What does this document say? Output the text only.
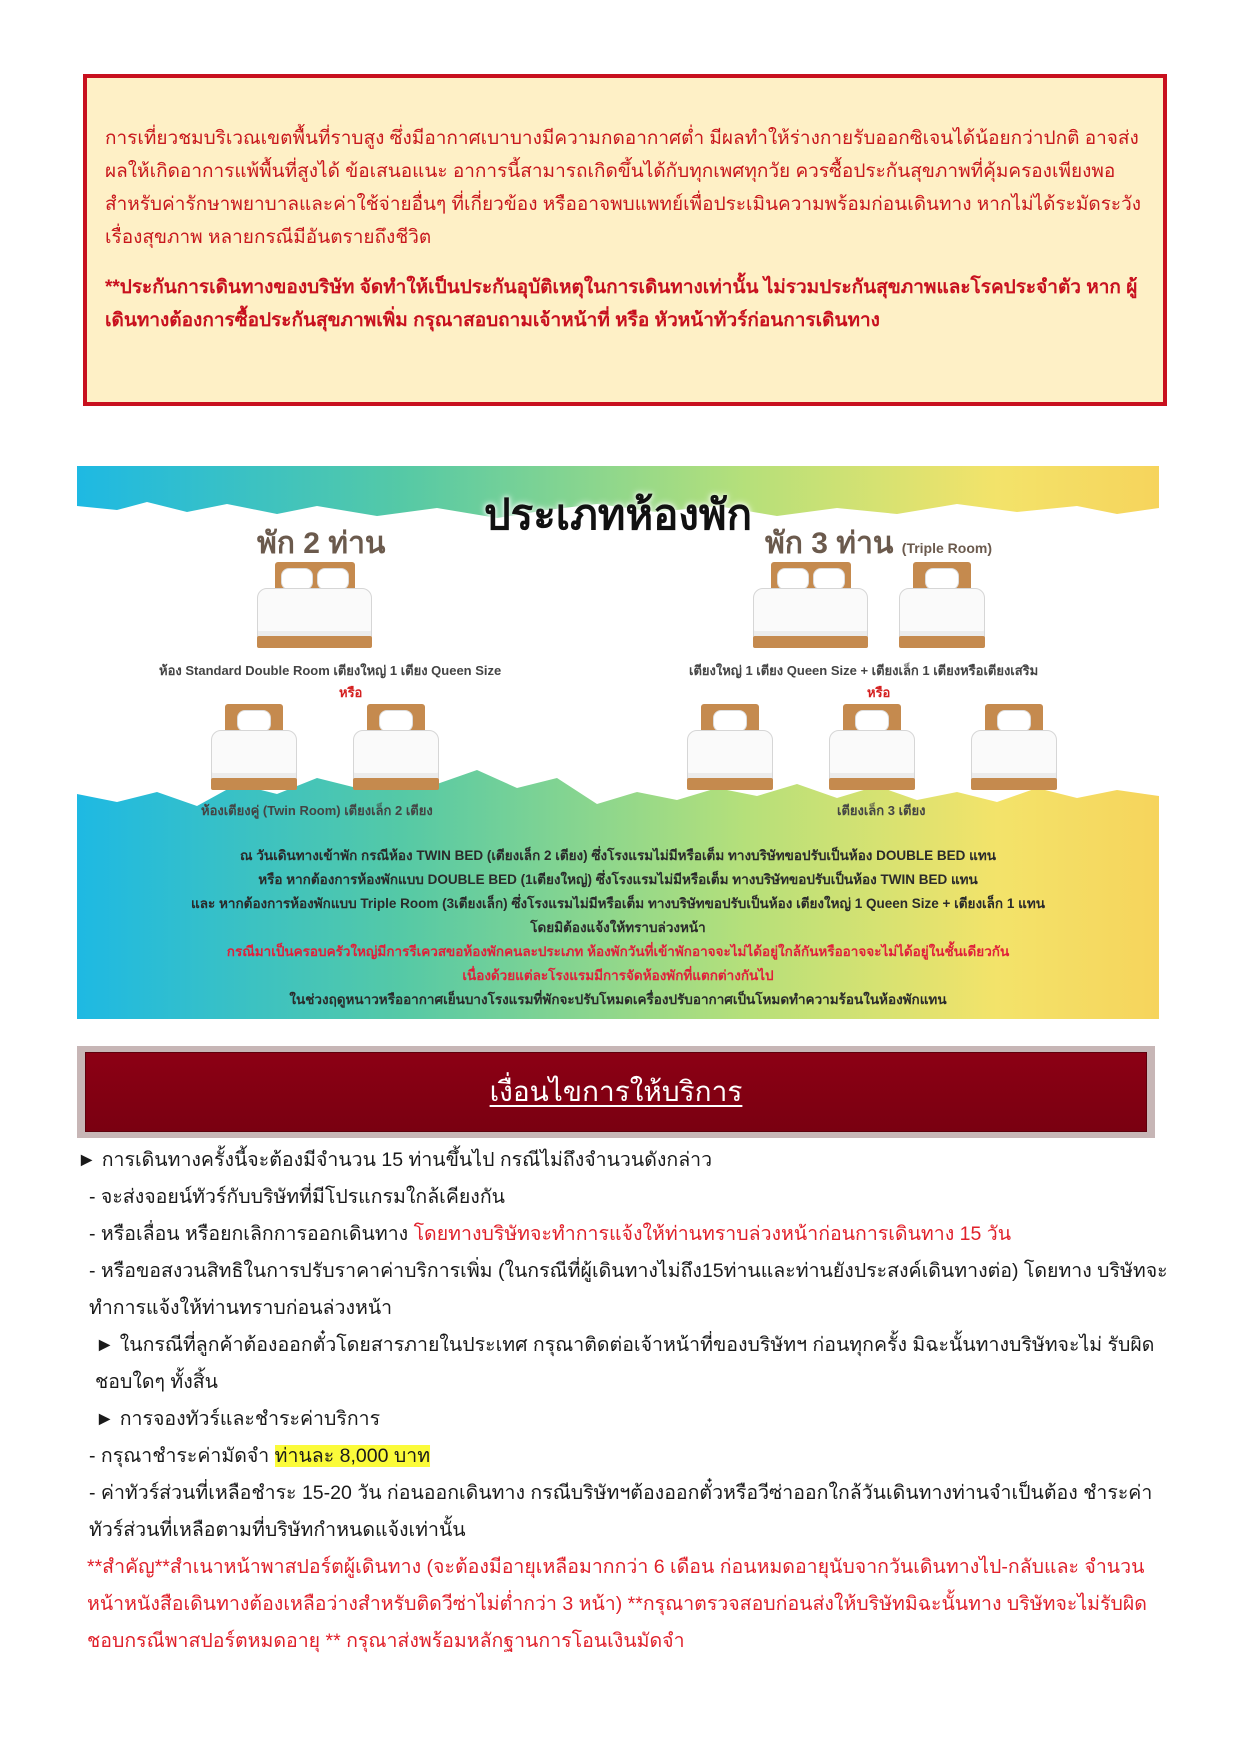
การเที่ยวชมบริเวณเขตพื้นที่ราบสูง ซึ่งมีอากาศเบาบางมีความกดอากาศต่ำ มีผลทำให้ร่างกายรับออกซิเจนได้น้อยกว่าปกติ อาจส่งผลให้เกิดอาการแพ้พื้นที่สูงได้ ข้อเสนอแนะ อาการนี้สามารถเกิดขึ้นได้กับทุกเพศทุกวัย ควรซื้อประกันสุขภาพที่คุ้มครองเพียงพอสำหรับค่ารักษาพยาบาลและค่าใช้จ่ายอื่นๆ ที่เกี่ยวข้อง หรืออาจพบแพทย์เพื่อประเมินความพร้อมก่อนเดินทาง หากไม่ได้ระมัดระวังเรื่องสุขภาพ หลายกรณีมีอันตรายถึงชีวิต

**ประกันการเดินทางของบริษัท จัดทำให้เป็นประกันอุบัติเหตุในการเดินทางเท่านั้น ไม่รวมประกันสุขภาพและโรคประจำตัว หาก ผู้เดินทางต้องการซื้อประกันสุขภาพเพิ่ม กรุณาสอบถามเจ้าหน้าที่ หรือ หัวหน้าทัวร์ก่อนการเดินทาง

ประเภทห้องพัก
พัก 2 ท่าน	พัก 3 ท่าน (Triple Room)
ห้อง Standard Double Room เตียงใหญ่ 1 เตียง Queen Size	เตียงใหญ่ 1 เตียง Queen Size + เตียงเล็ก 1 เตียงหรือเตียงเสริม
หรือ	หรือ
ห้องเตียงคู่ (Twin Room) เตียงเล็ก 2 เตียง	เตียงเล็ก 3 เตียง
ณ วันเดินทางเข้าพัก กรณีห้อง TWIN BED (เตียงเล็ก 2 เตียง) ซึ่งโรงแรมไม่มีหรือเต็ม ทางบริษัทขอปรับเป็นห้อง DOUBLE BED แทน
หรือ หากต้องการห้องพักแบบ DOUBLE BED (1เตียงใหญ่) ซึ่งโรงแรมไม่มีหรือเต็ม ทางบริษัทขอปรับเป็นห้อง TWIN BED แทน
และ หากต้องการห้องพักแบบ Triple Room (3เตียงเล็ก) ซึ่งโรงแรมไม่มีหรือเต็ม ทางบริษัทขอปรับเป็นห้อง เตียงใหญ่ 1 Queen Size + เตียงเล็ก 1 แทน
โดยมิต้องแจ้งให้ทราบล่วงหน้า
กรณีมาเป็นครอบครัวใหญ่มีการรีเควสขอห้องพักคนละประเภท ห้องพักวันที่เข้าพักอาจจะไม่ได้อยู่ใกล้กันหรืออาจจะไม่ได้อยู่ในชั้นเดียวกัน
เนื่องด้วยแต่ละโรงแรมมีการจัดห้องพักที่แตกต่างกันไป
ในช่วงฤดูหนาวหรืออากาศเย็นบางโรงแรมที่พักจะปรับโหมดเครื่องปรับอากาศเป็นโหมดทำความร้อนในห้องพักแทน
เงื่อนไขการให้บริการ
► การเดินทางครั้งนี้จะต้องมีจำนวน 15 ท่านขึ้นไป กรณีไม่ถึงจำนวนดังกล่าว
- จะส่งจอยน์ทัวร์กับบริษัทที่มีโปรแกรมใกล้เคียงกัน
- หรือเลื่อน หรือยกเลิกการออกเดินทาง โดยทางบริษัทจะทำการแจ้งให้ท่านทราบล่วงหน้าก่อนการเดินทาง 15 วัน
- หรือขอสงวนสิทธิในการปรับราคาค่าบริการเพิ่ม (ในกรณีที่ผู้เดินทางไม่ถึง15ท่านและท่านยังประสงค์เดินทางต่อ) โดยทาง บริษัทจะทำการแจ้งให้ท่านทราบก่อนล่วงหน้า
► ในกรณีที่ลูกค้าต้องออกตั๋วโดยสารภายในประเทศ กรุณาติดต่อเจ้าหน้าที่ของบริษัทฯ ก่อนทุกครั้ง มิฉะนั้นทางบริษัทจะไม่ รับผิดชอบใดๆ ทั้งสิ้น
► การจองทัวร์และชำระค่าบริการ
- กรุณาชำระค่ามัดจำ ท่านละ 8,000 บาท
- ค่าทัวร์ส่วนที่เหลือชำระ 15-20 วัน ก่อนออกเดินทาง กรณีบริษัทฯต้องออกตั๋วหรือวีซ่าออกใกล้วันเดินทางท่านจำเป็นต้อง ชำระค่าทัวร์ส่วนที่เหลือตามที่บริษัทกำหนดแจ้งเท่านั้น
**สำคัญ**สำเนาหน้าพาสปอร์ตผู้เดินทาง (จะต้องมีอายุเหลือมากกว่า 6 เดือน ก่อนหมดอายุนับจากวันเดินทางไป-กลับและ จำนวนหน้าหนังสือเดินทางต้องเหลือว่างสำหรับติดวีซ่าไม่ต่ำกว่า 3 หน้า) **กรุณาตรวจสอบก่อนส่งให้บริษัทมิฉะนั้นทาง บริษัทจะไม่รับผิดชอบกรณีพาสปอร์ตหมดอายุ ** กรุณาส่งพร้อมหลักฐานการโอนเงินมัดจำ
